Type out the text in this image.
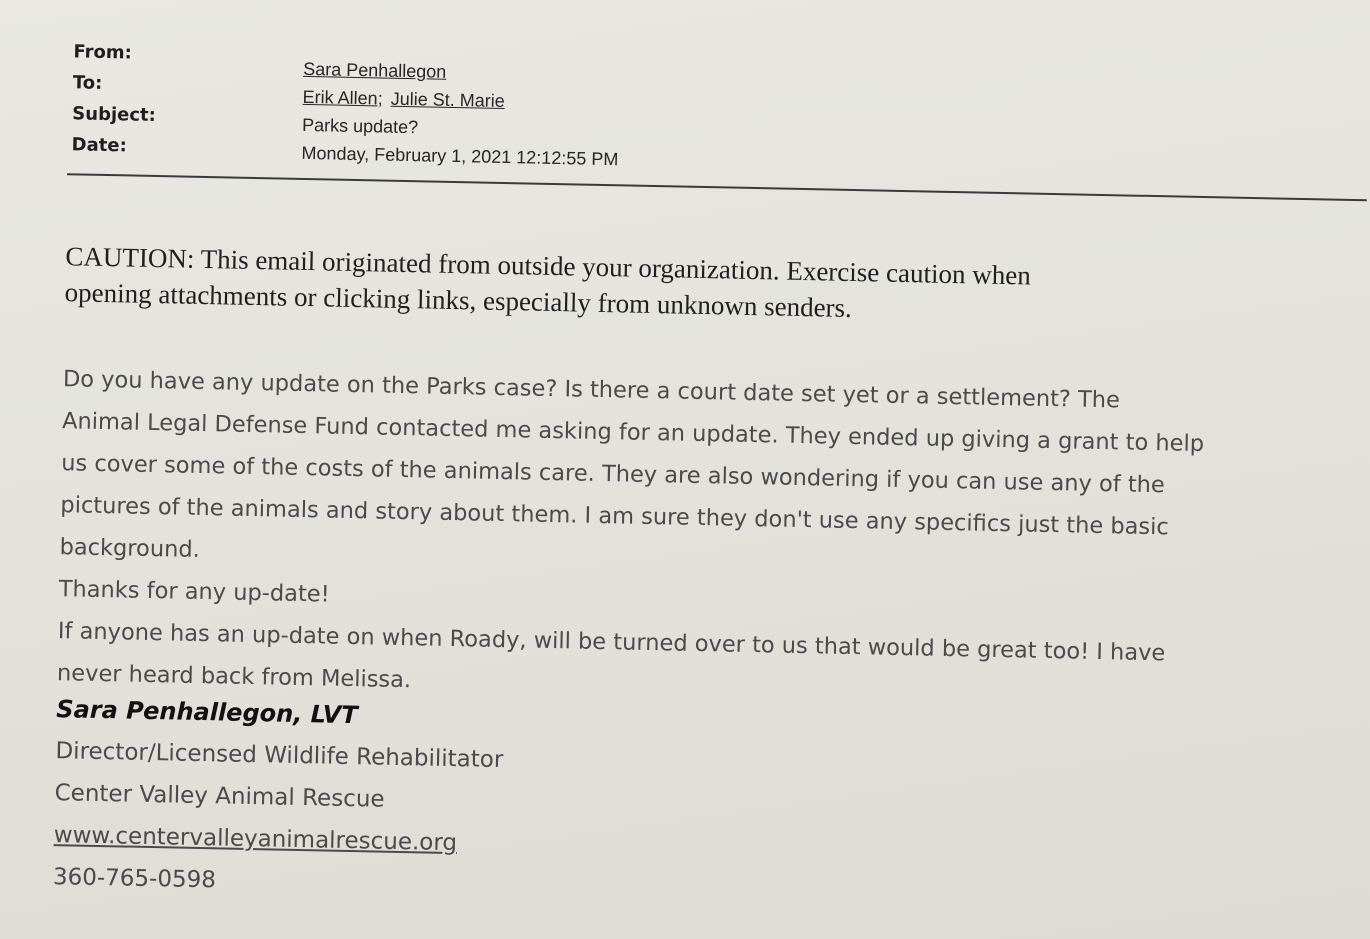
From:
To:
Subject:
Date:
Sara Penhallegon
Erik Allen; Julie St. Marie
Parks update?
Monday, February 1, 2021 12:12:55 PM
CAUTION: This email originated from outside your organization. Exercise caution when
opening attachments or clicking links, especially from unknown senders.

Do you have any update on the Parks case? Is there a court date set yet or a settlement? The

Animal Legal Defense Fund contacted me asking for an update. They ended up giving a grant to help

us cover some of the costs of the animals care. They are also wondering if you can use any of the

pictures of the animals and story about them. I am sure they don't use any specifics just the basic

background.

Thanks for any up-date!

If anyone has an up-date on when Roady, will be turned over to us that would be great too! I have

never heard back from Melissa.

Sara Penhallegon, LVT
Director/Licensed Wildlife Rehabilitator
Center Valley Animal Rescue
www.centervalleyanimalrescue.org
360-765-0598
